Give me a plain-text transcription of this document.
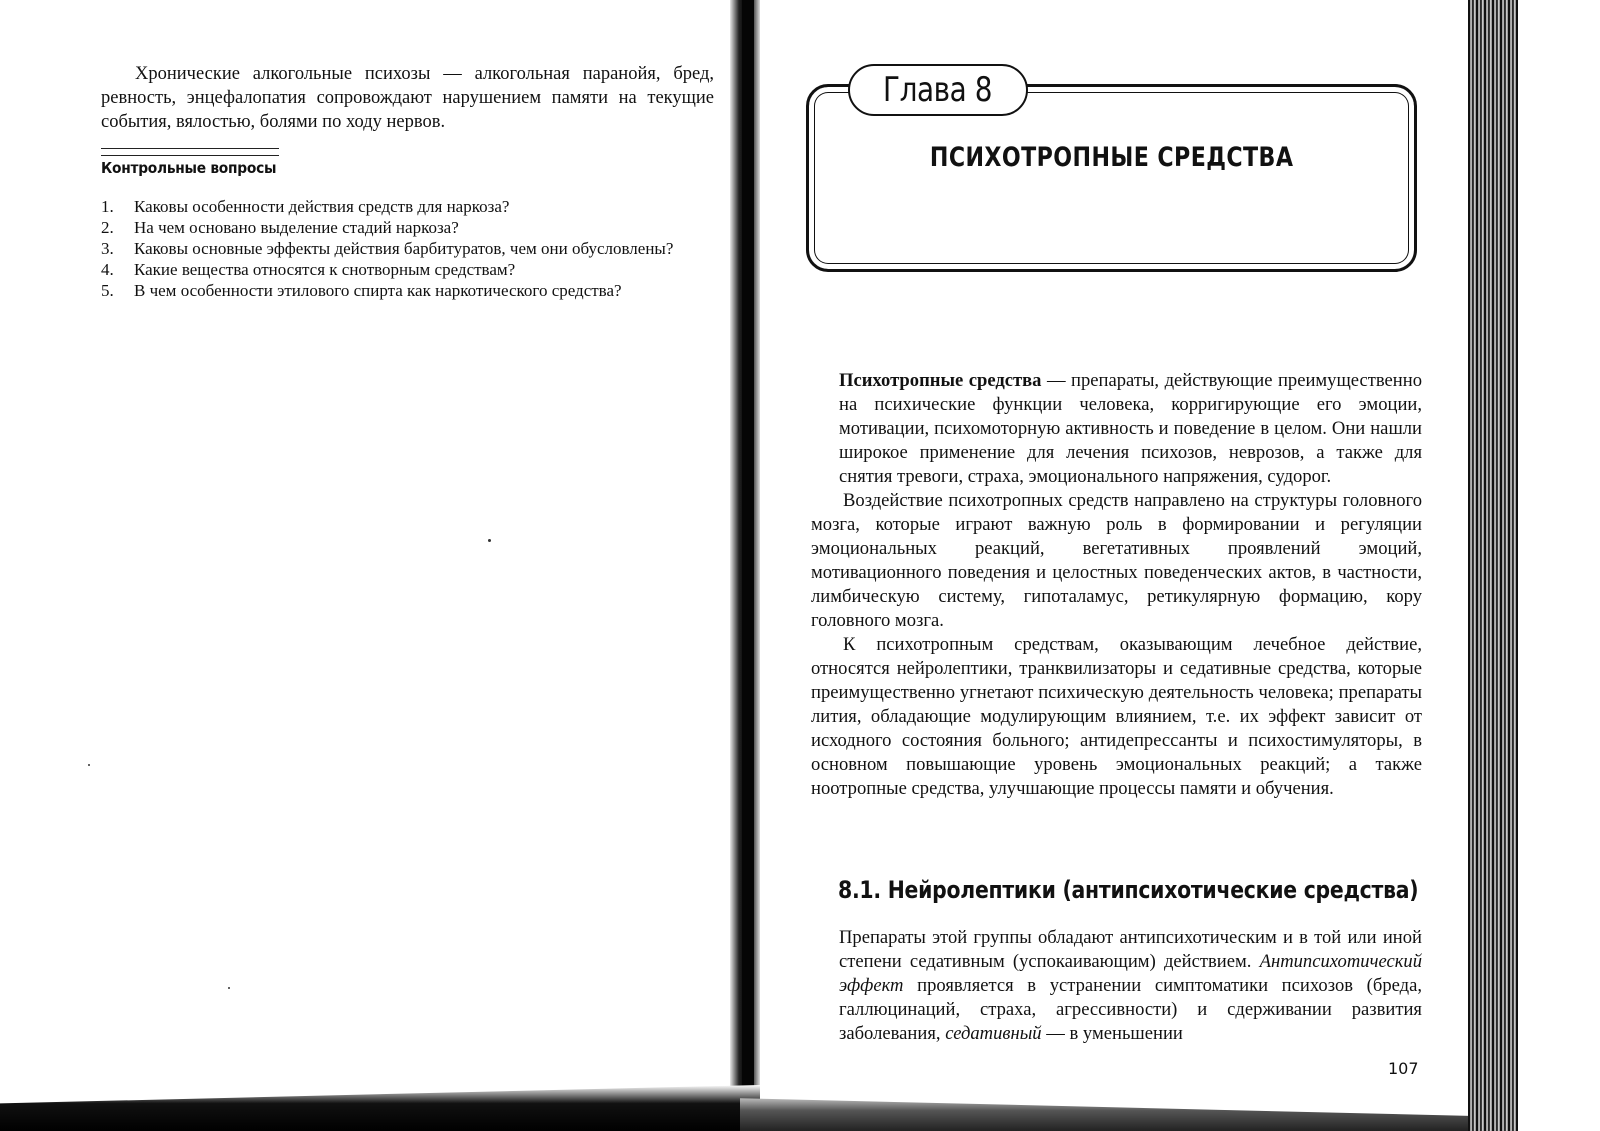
Хронические алкогольные психозы — алкогольная паранойя, бред, ревность, энцефалопатия сопровождают нарушением памяти на текущие события, вялостью, болями по ходу нервов.

Контрольные вопросы
1.	Каковы особенности действия средств для наркоза?
2.	На чем основано выделение стадий наркоза?
3.	Каковы основные эффекты действия барбитуратов, чем они обусловлены?
4.	Какие вещества относятся к снотворным средствам?
5.	В чем особенности этилового спирта как наркотического средства?
Глава 8
ПСИХОТРОПНЫЕ СРЕДСТВА

Психотропные средства — препараты, действующие преимущественно на психические функции человека, корригирующие его эмоции, мотивации, психомоторную активность и поведение в целом. Они нашли широкое применение для лечения психозов, неврозов, а также для снятия тревоги, страха, эмоционального напряжения, судорог.

Воздействие психотропных средств направлено на структуры головного мозга, которые играют важную роль в формировании и регуляции эмоциональных реакций, вегетативных проявлений эмоций, мотивационного поведения и целостных поведенческих актов, в частности, лимбическую систему, гипоталамус, ретикулярную формацию, кору головного мозга.

К психотропным средствам, оказывающим лечебное действие, относятся нейролептики, транквилизаторы и седативные средства, которые преимущественно угнетают психическую деятельность человека; препараты лития, обладающие модулирующим влиянием, т.е. их эффект зависит от исходного состояния больного; антидепрессанты и психостимуляторы, в основном повышающие уровень эмоциональных реакций; а также ноотропные средства, улучшающие процессы памяти и обучения.

8.1. Нейролептики (антипсихотические средства)

Препараты этой группы обладают антипсихотическим и в той или иной степени седативным (успокаивающим) действием. Антипсихотический эффект проявляется в устранении симптоматики психозов (бреда, галлюцинаций, страха, агрессивности) и сдерживании развития заболевания, седативный — в уменьшении

107
